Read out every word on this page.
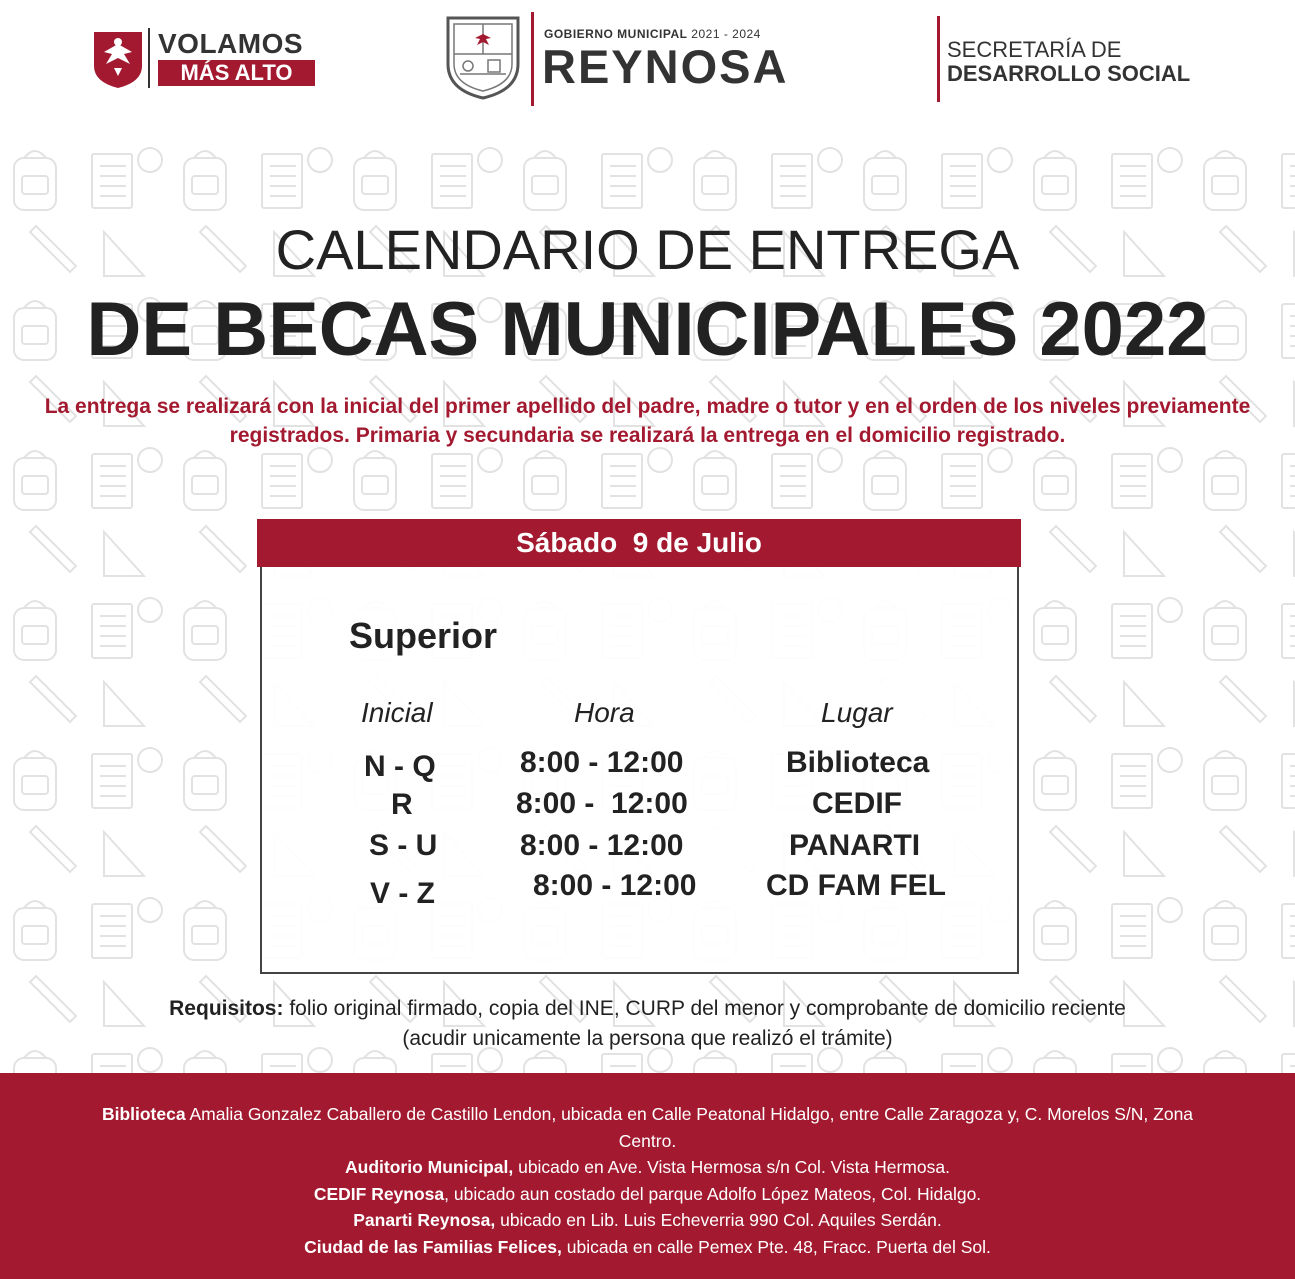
VOLAMOS
MÁS ALTO
GOBIERNO MUNICIPAL 2021 - 2024
REYNOSA	SECRETARÍA DE
DESARROLLO SOCIAL
CALENDARIO DE ENTREGA
DE BECAS MUNICIPALES 2022
La entrega se realizará con la inicial del primer apellido del padre, madre o tutor y en el orden de los niveles previamente registrados. Primaria y secundaria se realizará la entrega en el domicilio registrado.
Sábado  9 de Julio
Superior
Inicial	Hora	Lugar
N - Q	8:00 - 12:00	Biblioteca
R	8:00 -  12:00	CEDIF
S - U	8:00 - 12:00	PANARTI
V - Z	8:00 - 12:00 CD FAM FEL
Requisitos: folio original firmado, copia del INE, CURP del menor y comprobante de domicilio reciente
(acudir unicamente la persona que realizó el trámite)
Biblioteca Amalia Gonzalez Caballero de Castillo Lendon, ubicada en Calle Peatonal Hidalgo, entre Calle Zaragoza y, C. Morelos S/N, Zona Centro.
Auditorio Municipal, ubicado en Ave. Vista Hermosa s/n Col. Vista Hermosa.
CEDIF Reynosa, ubicado aun costado del parque Adolfo López Mateos, Col. Hidalgo.
Panarti Reynosa, ubicado en Lib. Luis Echeverria 990 Col. Aquiles Serdán.
Ciudad de las Familias Felices, ubicada en calle Pemex Pte. 48, Fracc. Puerta del Sol.
